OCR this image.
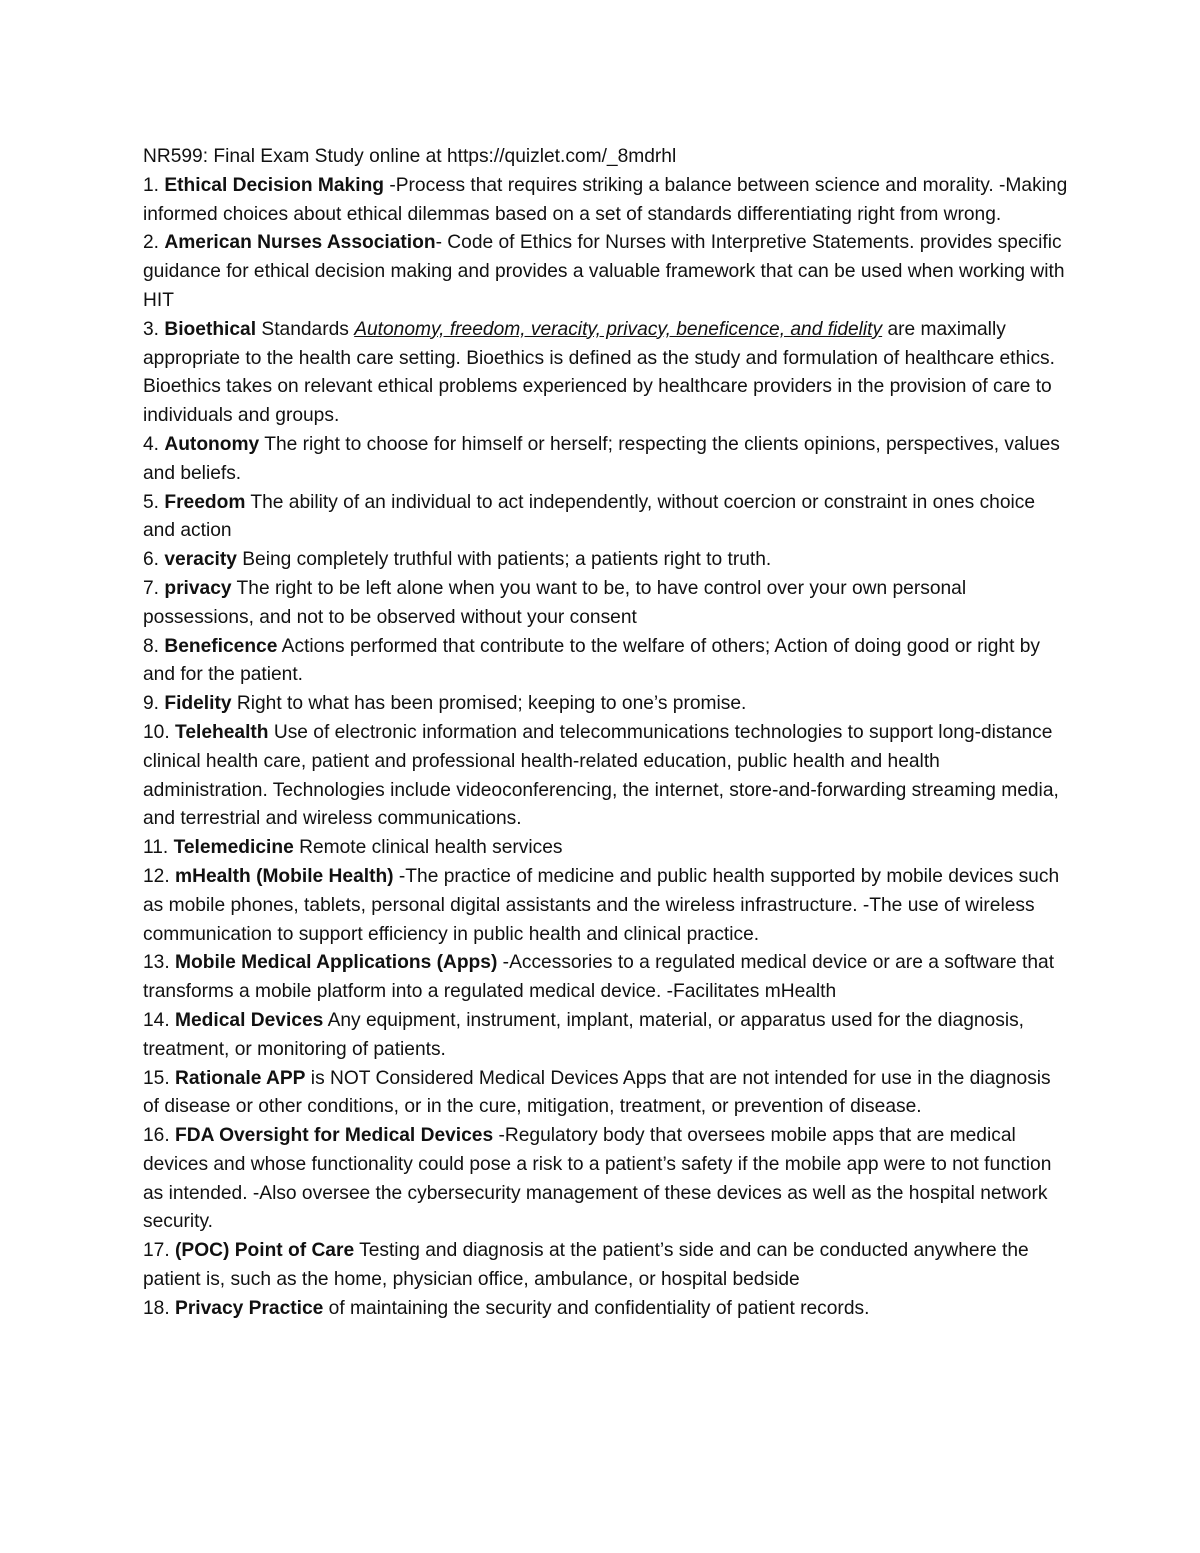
NR599: Final Exam Study online at https://quizlet.com/_8mdrhl

1. Ethical Decision Making -Process that requires striking a balance between science and morality. -Making informed choices about ethical dilemmas based on a set of standards differentiating right from wrong.

2. American Nurses Association- Code of Ethics for Nurses with Interpretive Statements. provides specific guidance for ethical decision making and provides a valuable framework that can be used when working with HIT

3. Bioethical Standards Autonomy, freedom, veracity, privacy, beneficence, and fidelity are maximally appropriate to the health care setting. Bioethics is defined as the study and formulation of healthcare ethics. Bioethics takes on relevant ethical problems experienced by healthcare providers in the provision of care to individuals and groups.

4. Autonomy The right to choose for himself or herself; respecting the clients opinions, perspectives, values and beliefs.

5. Freedom The ability of an individual to act independently, without coercion or constraint in ones choice and action

6. veracity Being completely truthful with patients; a patients right to truth.

7. privacy The right to be left alone when you want to be, to have control over your own personal possessions, and not to be observed without your consent

8. Beneficence Actions performed that contribute to the welfare of others; Action of doing good or right by and for the patient.

9. Fidelity Right to what has been promised; keeping to one’s promise.

10. Telehealth Use of electronic information and telecommunications technologies to support long-distance clinical health care, patient and professional health-related education, public health and health administration. Technologies include videoconferencing, the internet, store-and-forwarding streaming media, and terrestrial and wireless communications.

11. Telemedicine Remote clinical health services

12. mHealth (Mobile Health) -The practice of medicine and public health supported by mobile devices such as mobile phones, tablets, personal digital assistants and the wireless infrastructure. -The use of wireless communication to support efficiency in public health and clinical practice.

13. Mobile Medical Applications (Apps) -Accessories to a regulated medical device or are a software that transforms a mobile platform into a regulated medical device. -Facilitates mHealth

14. Medical Devices Any equipment, instrument, implant, material, or apparatus used for the diagnosis, treatment, or monitoring of patients.

15. Rationale APP is NOT Considered Medical Devices Apps that are not intended for use in the diagnosis of disease or other conditions, or in the cure, mitigation, treatment, or prevention of disease.

16. FDA Oversight for Medical Devices -Regulatory body that oversees mobile apps that are medical devices and whose functionality could pose a risk to a patient’s safety if the mobile app were to not function as intended. -Also oversee the cybersecurity management of these devices as well as the hospital network security.

17. (POC) Point of Care Testing and diagnosis at the patient’s side and can be conducted anywhere the patient is, such as the home, physician office, ambulance, or hospital bedside

18. Privacy Practice of maintaining the security and confidentiality of patient records.
